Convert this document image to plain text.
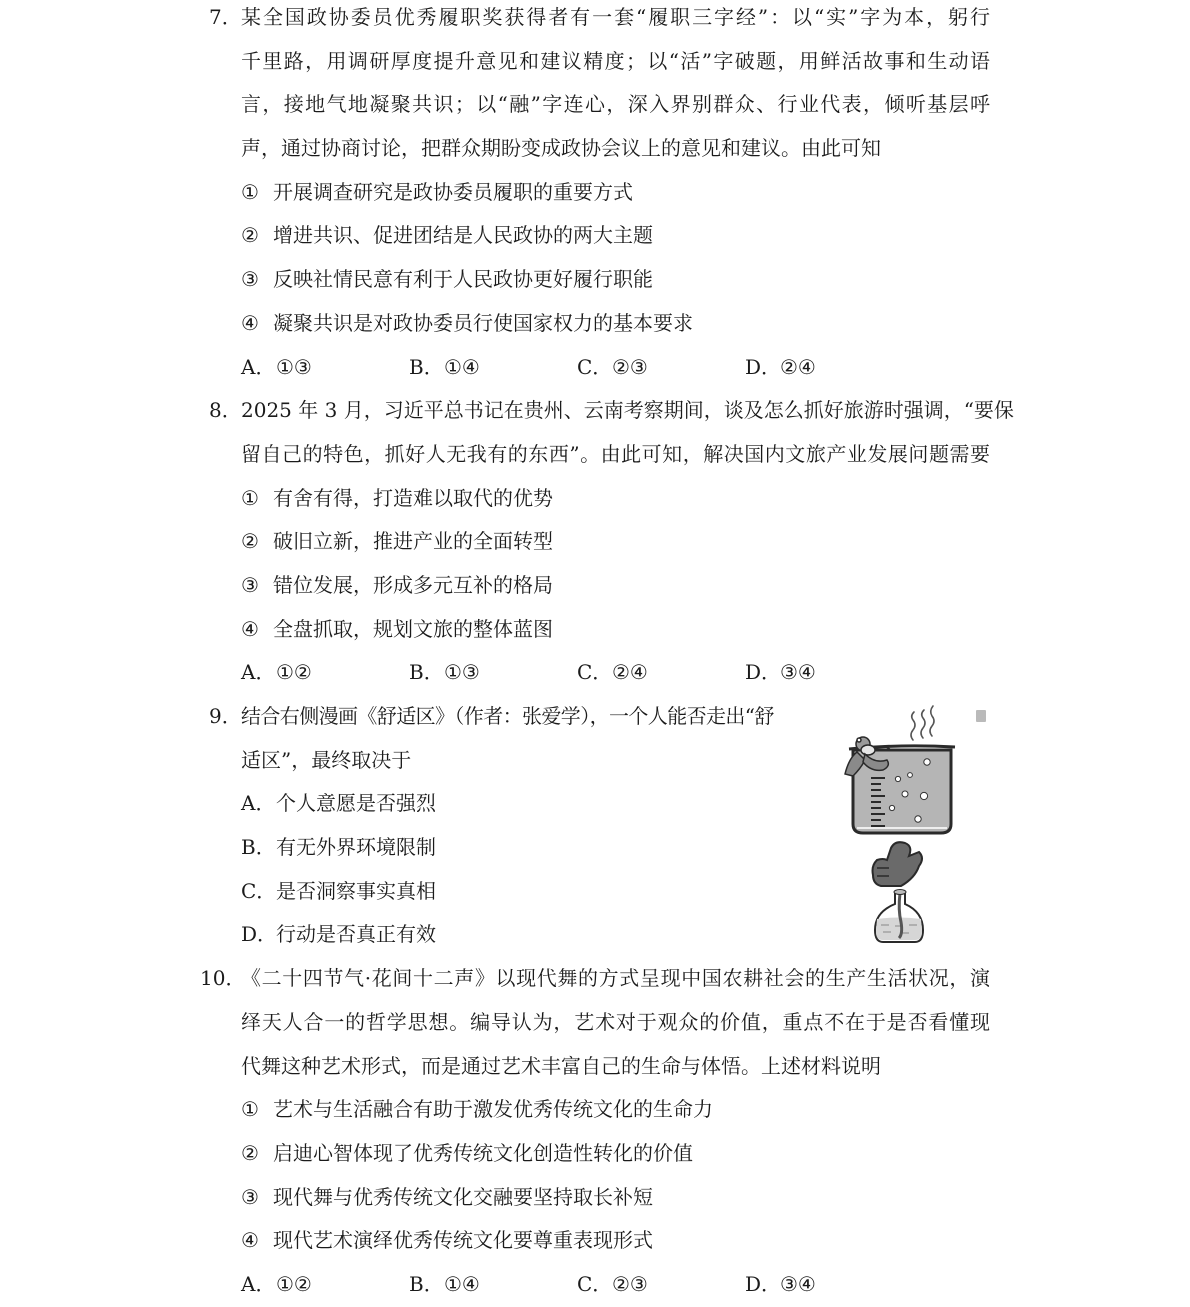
7． 某全国政协委员优秀履职奖获得者有一套“履职三字经”：以“实”字为本，躬行
千里路，用调研厚度提升意见和建议精度；以“活”字破题，用鲜活故事和生动语
言，接地气地凝聚共识；以“融”字连心，深入界别群众、行业代表，倾听基层呼
声，通过协商讨论，把群众期盼变成政协会议上的意见和建议。由此可知
① 开展调查研究是政协委员履职的重要方式
② 增进共识、促进团结是人民政协的两大主题
③ 反映社情民意有利于人民政协更好履行职能
④ 凝聚共识是对政协委员行使国家权力的基本要求
A．①③	B．①④	C．②③	D．②④
8． 2025 年 3 月，习近平总书记在贵州、云南考察期间，谈及怎么抓好旅游时强调，“要保
留自己的特色，抓好人无我有的东西”。由此可知，解决国内文旅产业发展问题需要
① 有舍有得，打造难以取代的优势
② 破旧立新，推进产业的全面转型
③ 错位发展，形成多元互补的格局
④ 全盘抓取，规划文旅的整体蓝图
A．①②	B．①③	C．②④	D．③④
9． 结合右侧漫画《舒适区》（作者：张爱学），一个人能否走出“舒
适区”，最终取决于
A． 个人意愿是否强烈
B． 有无外界环境限制
C． 是否洞察事实真相
D．
行动是否真正有效
10．
《二十四节气·花间十二声》以现代舞的方式呈现中国农耕社会的生产生活状况，演
绎天人合一的哲学思想。编导认为，艺术对于观众的价值，重点不在于是否看懂现
代舞这种艺术形式，而是通过艺术丰富自己的生命与体悟。上述材料说明
① 艺术与生活融合有助于激发优秀传统文化的生命力
② 启迪心智体现了优秀传统文化创造性转化的价值
③ 现代舞与优秀传统文化交融要坚持取长补短
④ 现代艺术演绎优秀传统文化要尊重表现形式
A．①②	B．①④	C．②③	D．③④
